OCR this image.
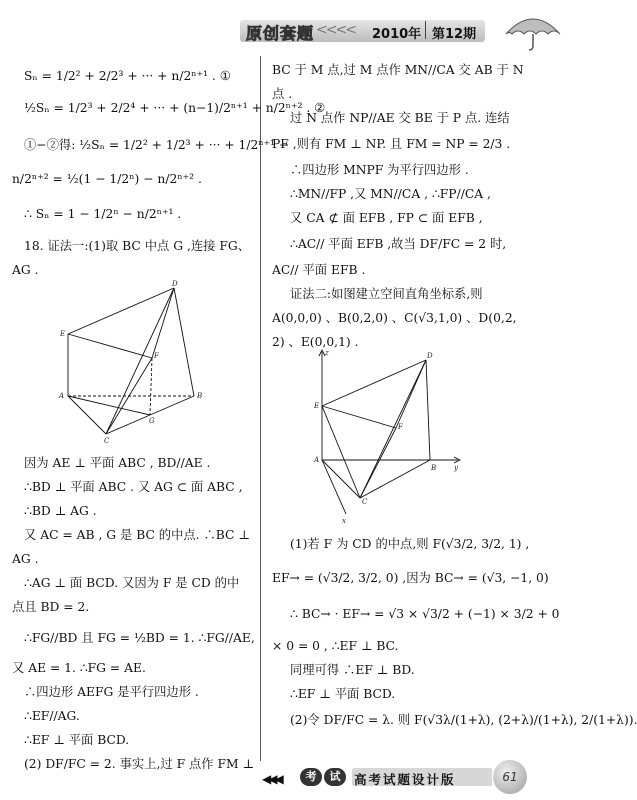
原创套题 <<<< 2010年 第12期
Sₙ = 1/2² + 2/2³ + ··· + n/2ⁿ⁺¹ . ①
½Sₙ = 1/2³ + 2/2⁴ + ··· + (n−1)/2ⁿ⁺¹ + n/2ⁿ⁺² . ②
①−②得: ½Sₙ = 1/2² + 1/2³ + ··· + 1/2ⁿ⁺¹ −
n/2ⁿ⁺² = ½(1 − 1/2ⁿ) − n/2ⁿ⁺² .
∴ Sₙ = 1 − 1/2ⁿ − n/2ⁿ⁺¹ .
18. 证法一:(1)取 BC 中点 G ,连接 FG、
AG .
D
E
F
A	B
C
G
因为 AE ⊥ 平面 ABC , BD//AE .
∴BD ⊥ 平面 ABC . 又 AG ⊂ 面 ABC ,
∴BD ⊥ AG .
又 AC = AB , G 是 BC 的中点. ∴BC ⊥
AG .
∴AG ⊥ 面 BCD. 又因为 F 是 CD 的中
点且 BD = 2.
∴FG//BD 且 FG = ½BD = 1. ∴FG//AE,
又 AE = 1. ∴FG = AE.
∴四边形 AEFG 是平行四边形 .
∴EF//AG.
∴EF ⊥ 平面 BCD.
(2) DF/FC = 2. 事实上,过 F 点作 FM ⊥
BC 于 M 点,过 M 点作 MN//CA 交 AB 于 N
点 .
过 N 点作 NP//AE 交 BE 于 P 点. 连结
PF ,则有 FM ⊥ NP. 且 FM = NP = 2/3 .
∴四边形 MNPF 为平行四边形 .
∴MN//FP ,又 MN//CA , ∴FP//CA ,
又 CA ⊄ 面 EFB , FP ⊂ 面 EFB ,
∴AC// 平面 EFB ,故当 DF/FC = 2 时,
AC// 平面 EFB .
证法二:如图建立空间直角坐标系,则
A(0,0,0) 、B(0,2,0) 、C(√3,1,0) 、D(0,2,
2) 、E(0,0,1) .
z	D
E
F
A
B	y
C
x
(1)若 F 为 CD 的中点,则 F(√3/2, 3/2, 1) ,
EF→ = (√3/2, 3/2, 0) ,因为 BC→ = (√3, −1, 0)
∴ BC→ · EF→ = √3 × √3/2 + (−1) × 3/2 + 0
× 0 = 0 , ∴EF ⊥ BC.
同理可得 ∴EF ⊥ BD.
∴EF ⊥ 平面 BCD.
(2)令 DF/FC = λ. 则 F(√3λ/(1+λ), (2+λ)/(1+λ), 2/(1+λ)).
◀◀◀	考	试	高考试题设计版	61
